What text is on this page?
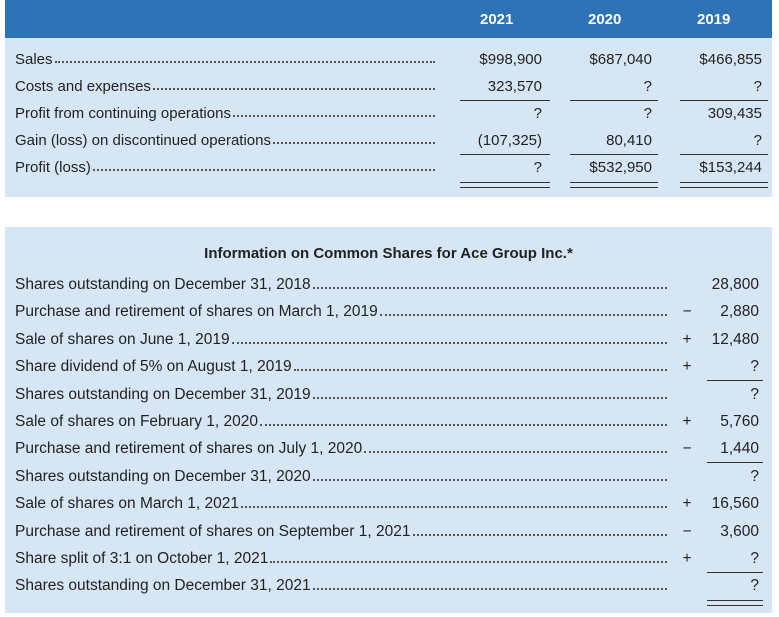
2021	2020	2019
Sales	$998,900	$687,040	$466,855
Costs and expenses	323,570	?	?
Profit from continuing operations	?	?	309,435
Gain (loss) on discontinued operations	(107,325)	80,410	?
Profit (loss)	?	$532,950	$153,244
Information on Common Shares for Ace Group Inc.*
Shares outstanding on December 31, 2018	28,800
Purchase and retirement of shares on March 1, 2019	−	2,880
Sale of shares on June 1, 2019	+	12,480
Share dividend of 5% on August 1, 2019	+	?
Shares outstanding on December 31, 2019	?
Sale of shares on February 1, 2020	+	5,760
Purchase and retirement of shares on July 1, 2020	−	1,440
Shares outstanding on December 31, 2020	?
Sale of shares on March 1, 2021	+	16,560
Purchase and retirement of shares on September 1, 2021	−	3,600
Share split of 3:1 on October 1, 2021	+	?
Shares outstanding on December 31, 2021	?
